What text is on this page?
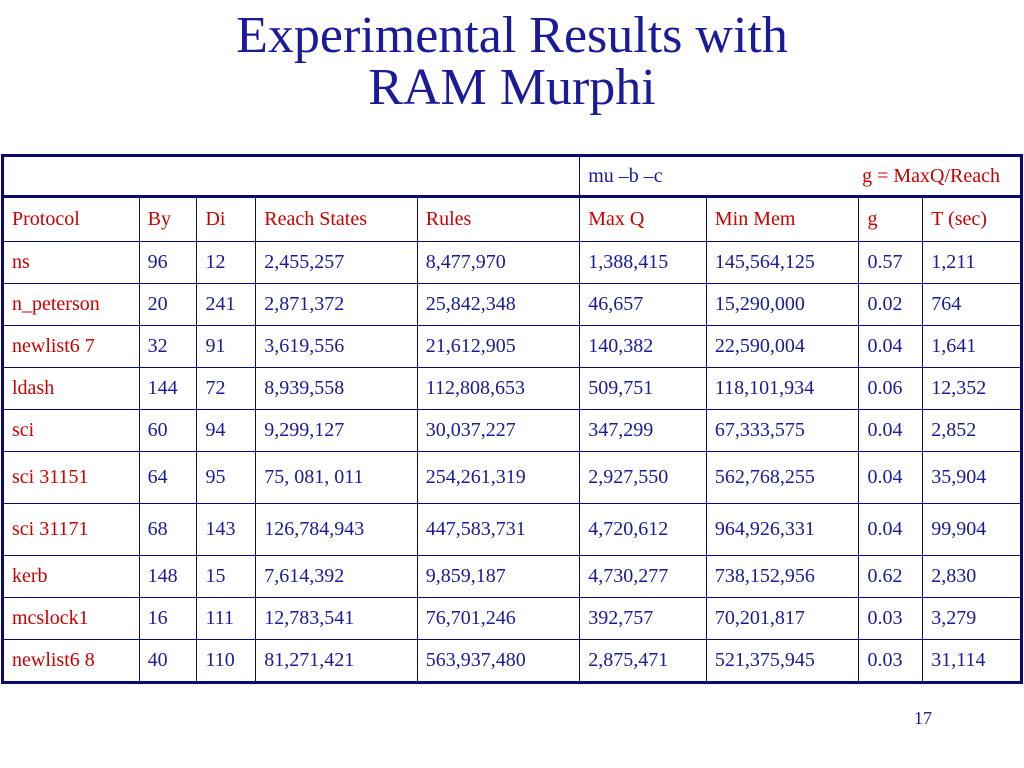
Experimental Results with
RAM Murphi
					mu –b –c g = MaxQ/Reach			

Protocol	By	Di	Reach States	Rules	Max Q	Min Mem	g	T (sec)
ns	96	12	2,455,257	8,477,970	1,388,415	145,564,125	0.57	1,211
n_peterson	20	241	2,871,372	25,842,348	46,657	15,290,000	0.02	764
newlist6 7	32	91	3,619,556	21,612,905	140,382	22,590,004	0.04	1,641
ldash	144	72	8,939,558	112,808,653	509,751	118,101,934	0.06	12,352
sci	60	94	9,299,127	30,037,227	347,299	67,333,575	0.04	2,852
sci 31151	64	95	75, 081, 011	254,261,319	2,927,550	562,768,255	0.04	35,904
sci 31171	68	143	126,784,943	447,583,731	4,720,612	964,926,331	0.04	99,904
kerb	148	15	7,614,392	9,859,187	4,730,277	738,152,956	0.62	2,830
mcslock1	16	111	12,783,541	76,701,246	392,757	70,201,817	0.03	3,279
newlist6 8	40	110	81,271,421	563,937,480	2,875,471	521,375,945	0.03	31,114
17
